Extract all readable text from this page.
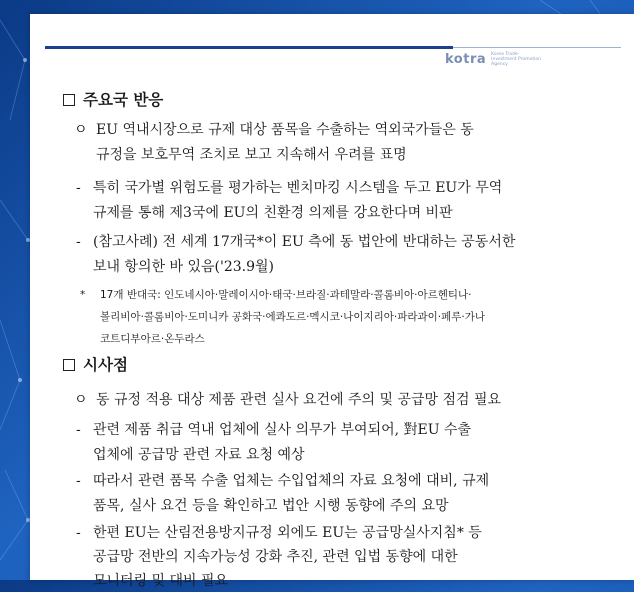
kotra Korea Trade-Investment Promotion Agency
주요국 반응
ㅇ EU 역내시장으로 규제 대상 품목을 수출하는 역외국가들은 동
규정을 보호무역 조치로 보고 지속해서 우려를 표명
- 특히 국가별 위험도를 평가하는 벤치마킹 시스템을 두고 EU가 무역
규제를 통해 제3국에 EU의 친환경 의제를 강요한다며 비판
- (참고사례) 전 세계 17개국*이 EU 측에 동 법안에 반대하는 공동서한
보내 항의한 바 있음('23.9월)
* 17개 반대국: 인도네시아·말레이시아·태국·브라질·과테말라·콜롬비아·아르헨티나·
볼리비아·콜롬비아·도미니카 공화국·에콰도르·멕시코·나이지리아·파라과이·페루·가나
코트디부아르·온두라스
시사점
ㅇ 동 규정 적용 대상 제품 관련 실사 요건에 주의 및 공급망 점검 필요
- 관련 제품 취급 역내 업체에 실사 의무가 부여되어, 對EU 수출
업체에 공급망 관련 자료 요청 예상
- 따라서 관련 품목 수출 업체는 수입업체의 자료 요청에 대비, 규제
품목, 실사 요건 등을 확인하고 법안 시행 동향에 주의 요망
- 한편 EU는 산림전용방지규정 외에도 EU는 공급망실사지침* 등
공급망 전반의 지속가능성 강화 추진, 관련 입법 동향에 대한
모니터링 및 대비 필요
